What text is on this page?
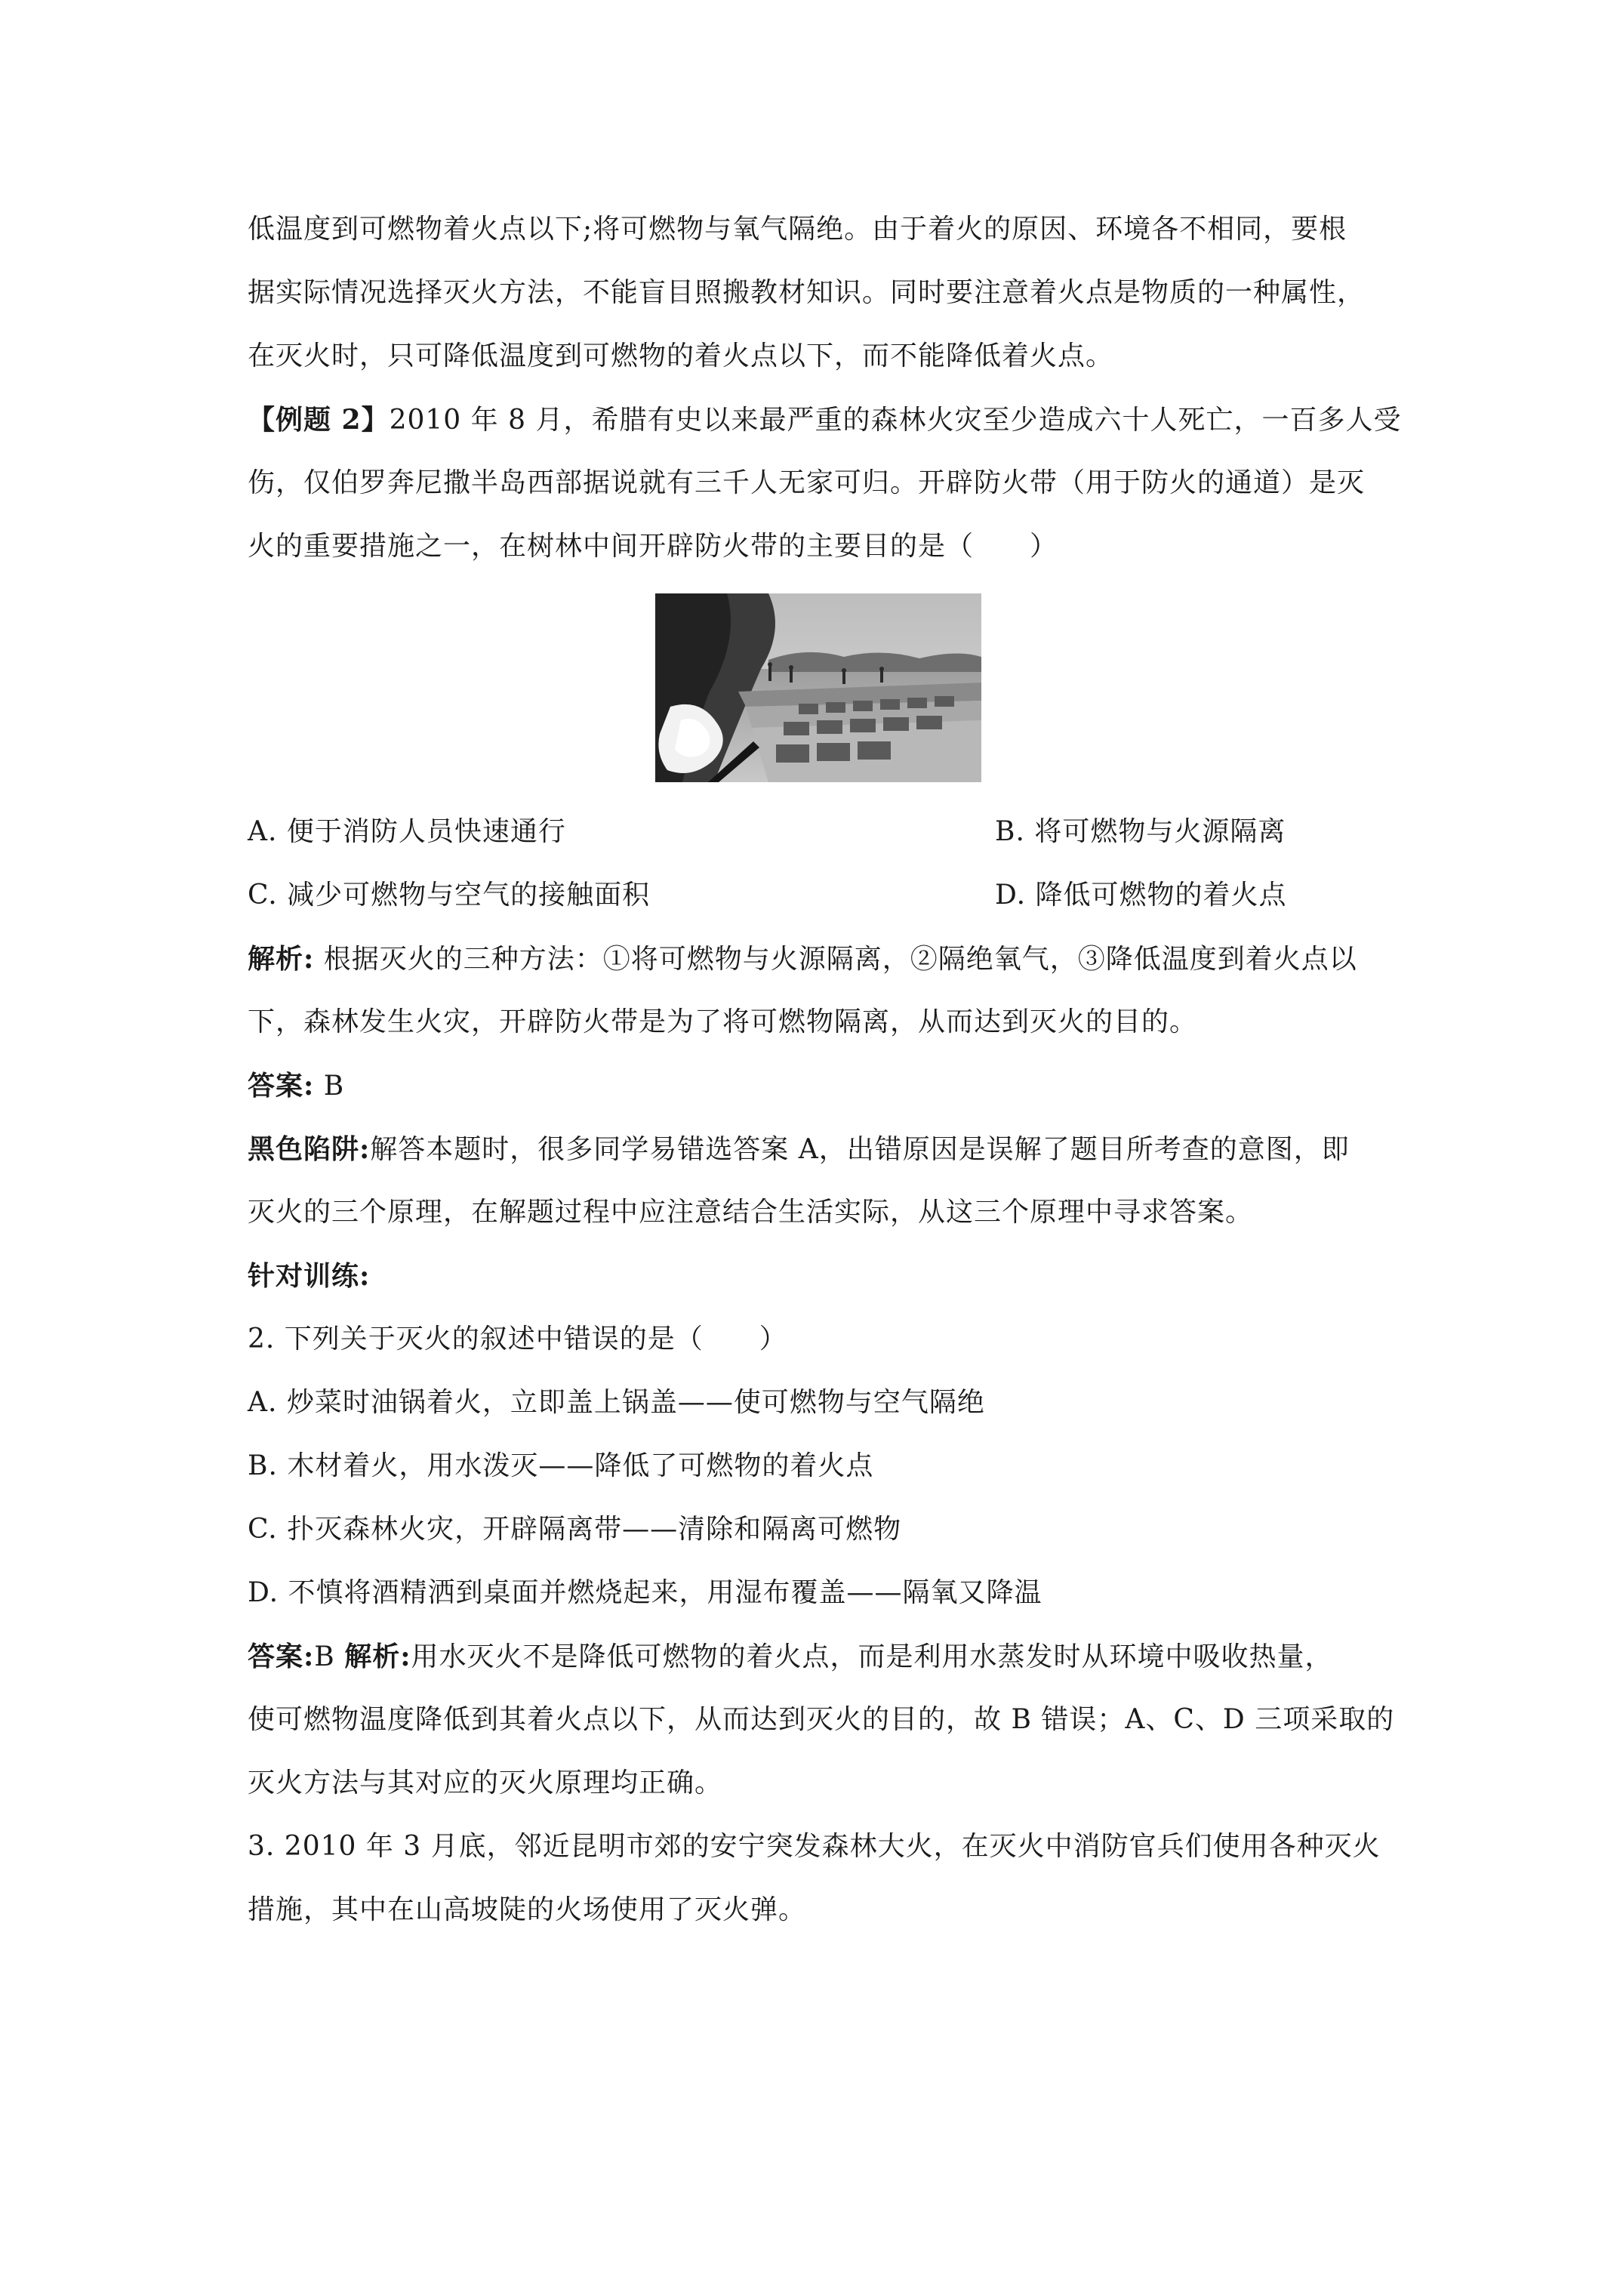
低温度到可燃物着火点以下;将可燃物与氧气隔绝。由于着火的原因、环境各不相同，要根
据实际情况选择灭火方法，不能盲目照搬教材知识。同时要注意着火点是物质的一种属性，
在灭火时，只可降低温度到可燃物的着火点以下，而不能降低着火点。
【例题 2】2010 年 8 月，希腊有史以来最严重的森林火灾至少造成六十人死亡，一百多人受
伤，仅伯罗奔尼撒半岛西部据说就有三千人无家可归。开辟防火带（用于防火的通道）是灭
火的重要措施之一，在树林中间开辟防火带的主要目的是（　　）
A. 便于消防人员快速通行	B. 将可燃物与火源隔离
C. 减少可燃物与空气的接触面积	D. 降低可燃物的着火点
解析: 根据灭火的三种方法：①将可燃物与火源隔离，②隔绝氧气，③降低温度到着火点以
下，森林发生火灾，开辟防火带是为了将可燃物隔离，从而达到灭火的目的。
答案: B
黑色陷阱:解答本题时，很多同学易错选答案 A，出错原因是误解了题目所考查的意图，即
灭火的三个原理，在解题过程中应注意结合生活实际，从这三个原理中寻求答案。
针对训练:
2. 下列关于灭火的叙述中错误的是（　　）
A. 炒菜时油锅着火，立即盖上锅盖——使可燃物与空气隔绝
B. 木材着火，用水泼灭——降低了可燃物的着火点
C. 扑灭森林火灾，开辟隔离带——清除和隔离可燃物
D. 不慎将酒精洒到桌面并燃烧起来，用湿布覆盖——隔氧又降温
答案:B 解析:用水灭火不是降低可燃物的着火点，而是利用水蒸发时从环境中吸收热量，
使可燃物温度降低到其着火点以下，从而达到灭火的目的，故 B 错误；A、C、D 三项采取的
灭火方法与其对应的灭火原理均正确。
3. 2010 年 3 月底，邻近昆明市郊的安宁突发森林大火，在灭火中消防官兵们使用各种灭火
措施，其中在山高坡陡的火场使用了灭火弹。
